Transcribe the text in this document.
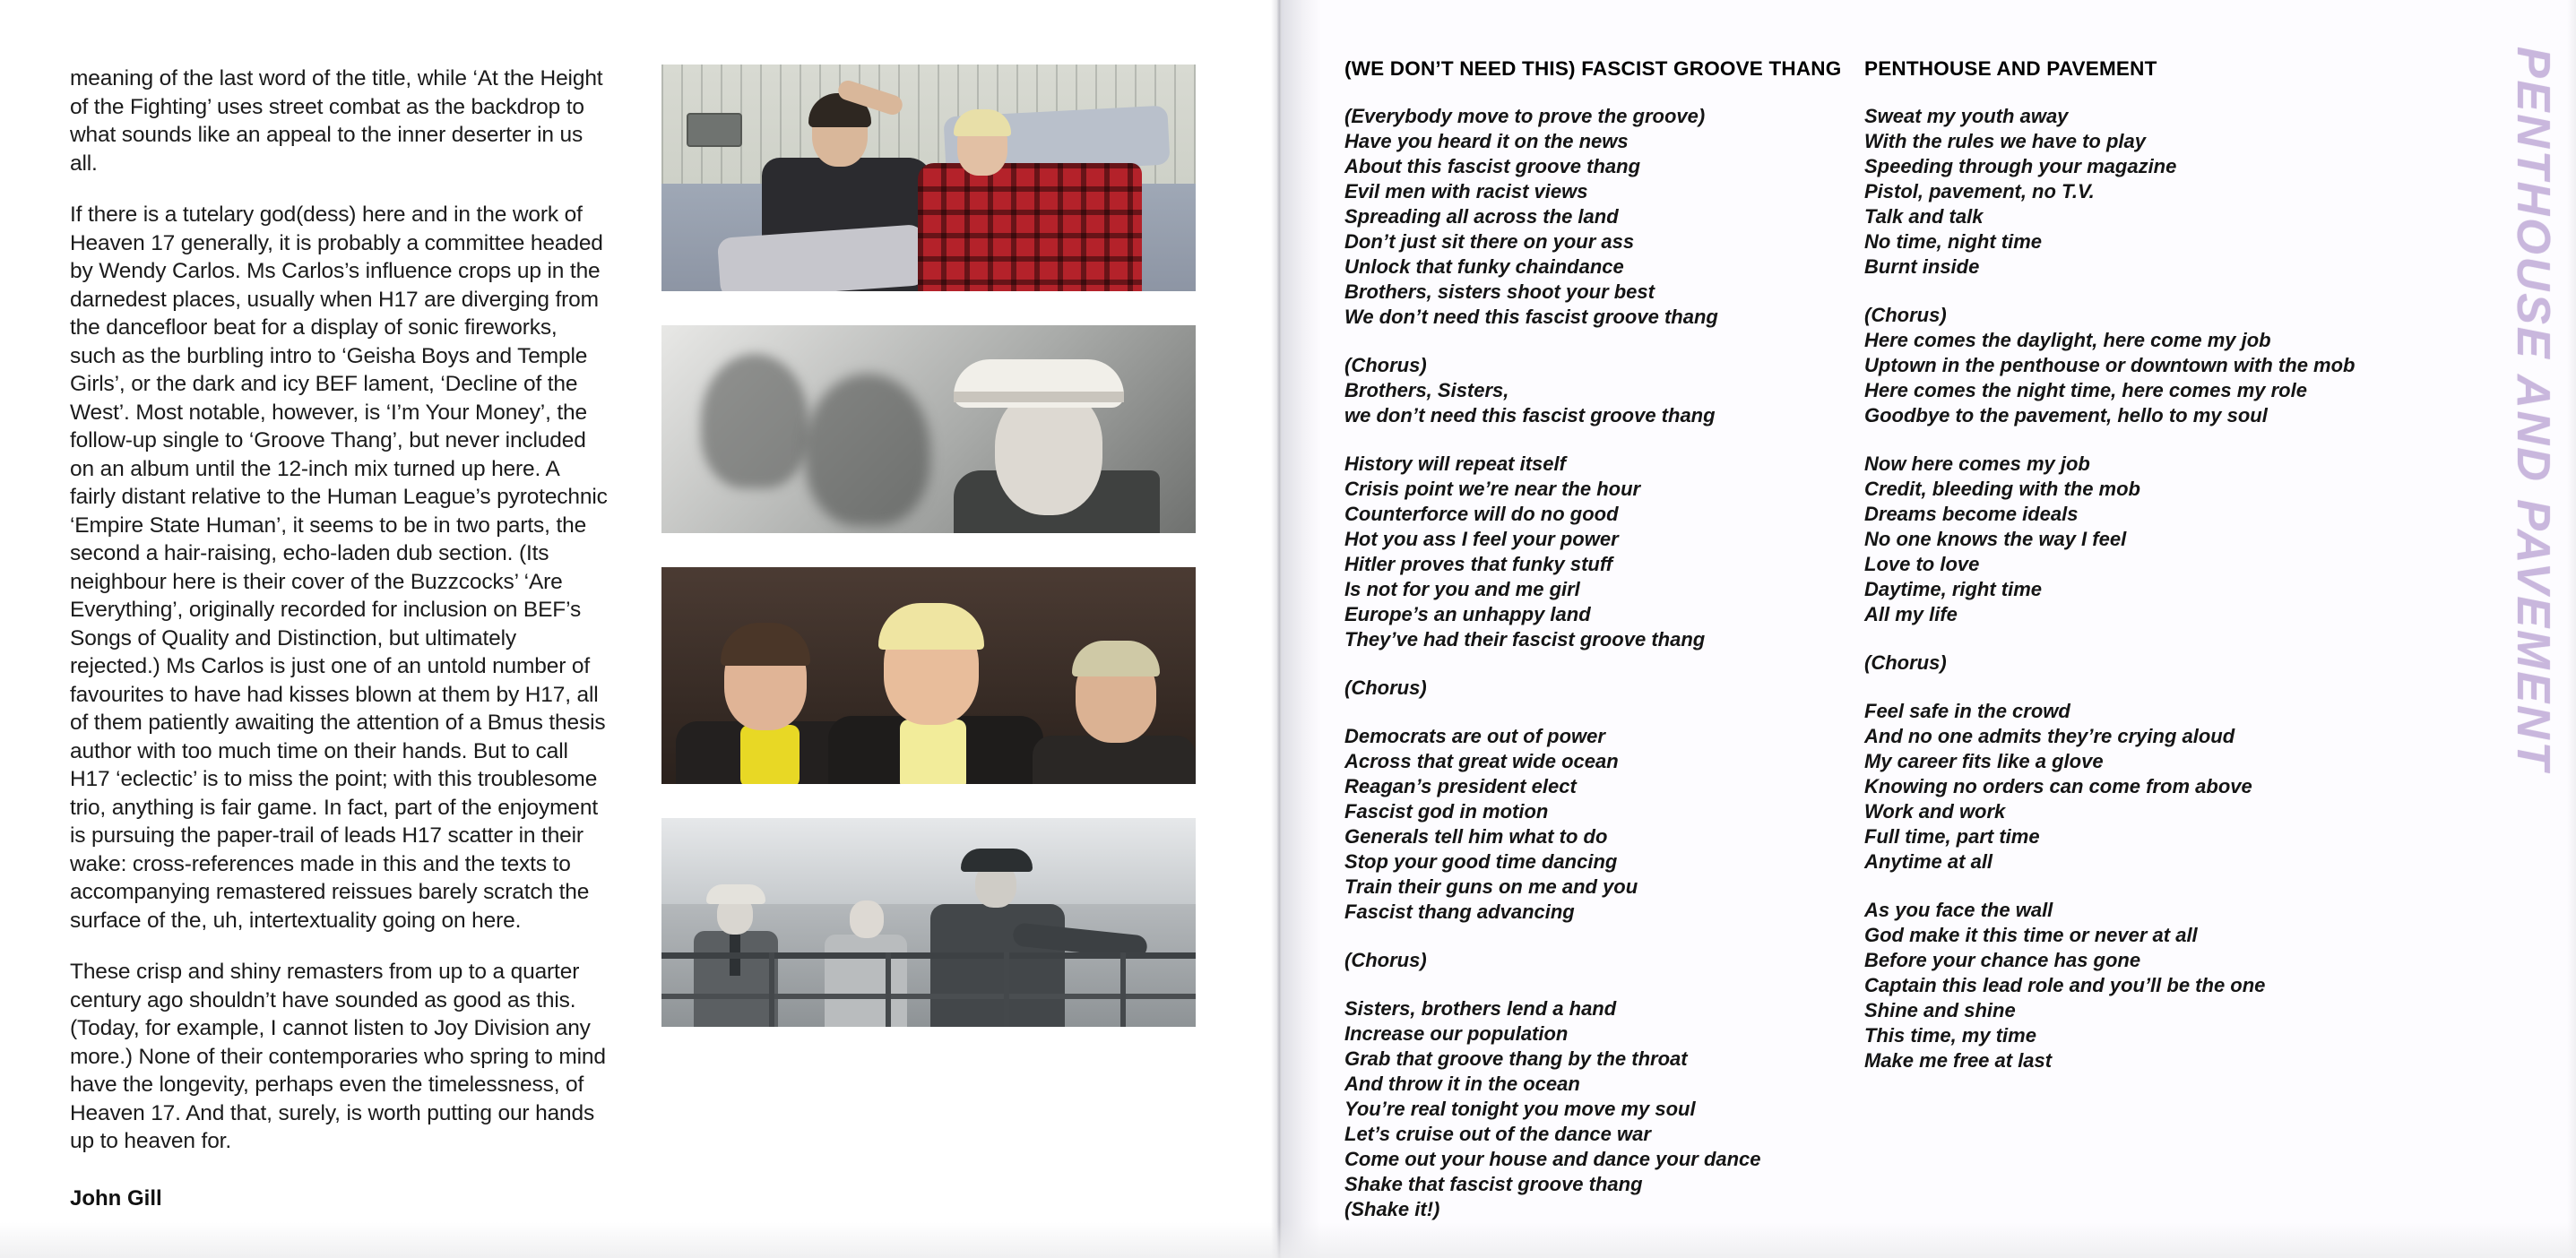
meaning of the last word of the title, while ‘At the Height of the Fighting’ uses street combat as the backdrop to what sounds like an appeal to the inner deserter in us all.

If there is a tutelary god(dess) here and in the work of Heaven 17 generally, it is probably a committee headed by Wendy Carlos. Ms Carlos’s influence crops up in the darnedest places, usually when H17 are diverging from the dancefloor beat for a display of sonic fireworks, such as the burbling intro to ‘Geisha Boys and Temple Girls’, or the dark and icy BEF lament, ‘Decline of the West’. Most notable, however, is ‘I’m Your Money’, the follow-up single to ‘Groove Thang’, but never included on an album until the 12-inch mix turned up here. A fairly distant relative to the Human League’s pyrotechnic ‘Empire State Human’, it seems to be in two parts, the second a hair-raising, echo-laden dub section. (Its neighbour here is their cover of the Buzzcocks’ ‘Are Everything’, originally recorded for inclusion on BEF’s Songs of Quality and Distinction, but ultimately rejected.) Ms Carlos is just one of an untold number of favourites to have had kisses blown at them by H17, all of them patiently awaiting the attention of a Bmus thesis author with too much time on their hands. But to call H17 ‘eclectic’ is to miss the point; with this troublesome trio, anything is fair game. In fact, part of the enjoyment is pursuing the paper-trail of leads H17 scatter in their wake: cross-references made in this and the texts to accompanying remastered reissues barely scratch the surface of the, uh, intertextuality going on here.

These crisp and shiny remasters from up to a quarter century ago shouldn’t have sounded as good as this. (Today, for example, I cannot listen to Joy Division any more.) None of their contemporaries who spring to mind have the longevity, perhaps even the timelessness, of Heaven 17. And that, surely, is worth putting our hands up to heaven for.

John Gill
(WE DON’T NEED THIS) FASCIST GROOVE THANG

(Everybody move to prove the groove)
Have you heard it on the news
About this fascist groove thang
Evil men with racist views
Spreading all across the land
Don’t just sit there on your ass
Unlock that funky chaindance
Brothers, sisters shoot your best
We don’t need this fascist groove thang

(Chorus)
Brothers, Sisters,
we don’t need this fascist groove thang

History will repeat itself
Crisis point we’re near the hour
Counterforce will do no good
Hot you ass I feel your power
Hitler proves that funky stuff
Is not for you and me girl
Europe’s an unhappy land
They’ve had their fascist groove thang

(Chorus)

Democrats are out of power
Across that great wide ocean
Reagan’s president elect
Fascist god in motion
Generals tell him what to do
Stop your good time dancing
Train their guns on me and you
Fascist thang advancing

(Chorus)

Sisters, brothers lend a hand
Increase our population
Grab that groove thang by the throat
And throw it in the ocean
You’re real tonight you move my soul
Let’s cruise out of the dance war
Come out your house and dance your dance
Shake that fascist groove thang
(Shake it!)

PENTHOUSE AND PAVEMENT

Sweat my youth away
With the rules we have to play
Speeding through your magazine
Pistol, pavement, no T.V.
Talk and talk
No time, night time
Burnt inside

(Chorus)
Here comes the daylight, here come my job
Uptown in the penthouse or downtown with the mob
Here comes the night time, here comes my role
Goodbye to the pavement, hello to my soul

Now here comes my job
Credit, bleeding with the mob
Dreams become ideals
No one knows the way I feel
Love to love
Daytime, right time
All my life

(Chorus)

Feel safe in the crowd
And no one admits they’re crying aloud
My career fits like a glove
Knowing no orders can come from above
Work and work
Full time, part time
Anytime at all

As you face the wall
God make it this time or never at all
Before your chance has gone
Captain this lead role and you’ll be the one
Shine and shine
This time, my time
Make me free at last

PENTHOUSE AND PAVEMENT
